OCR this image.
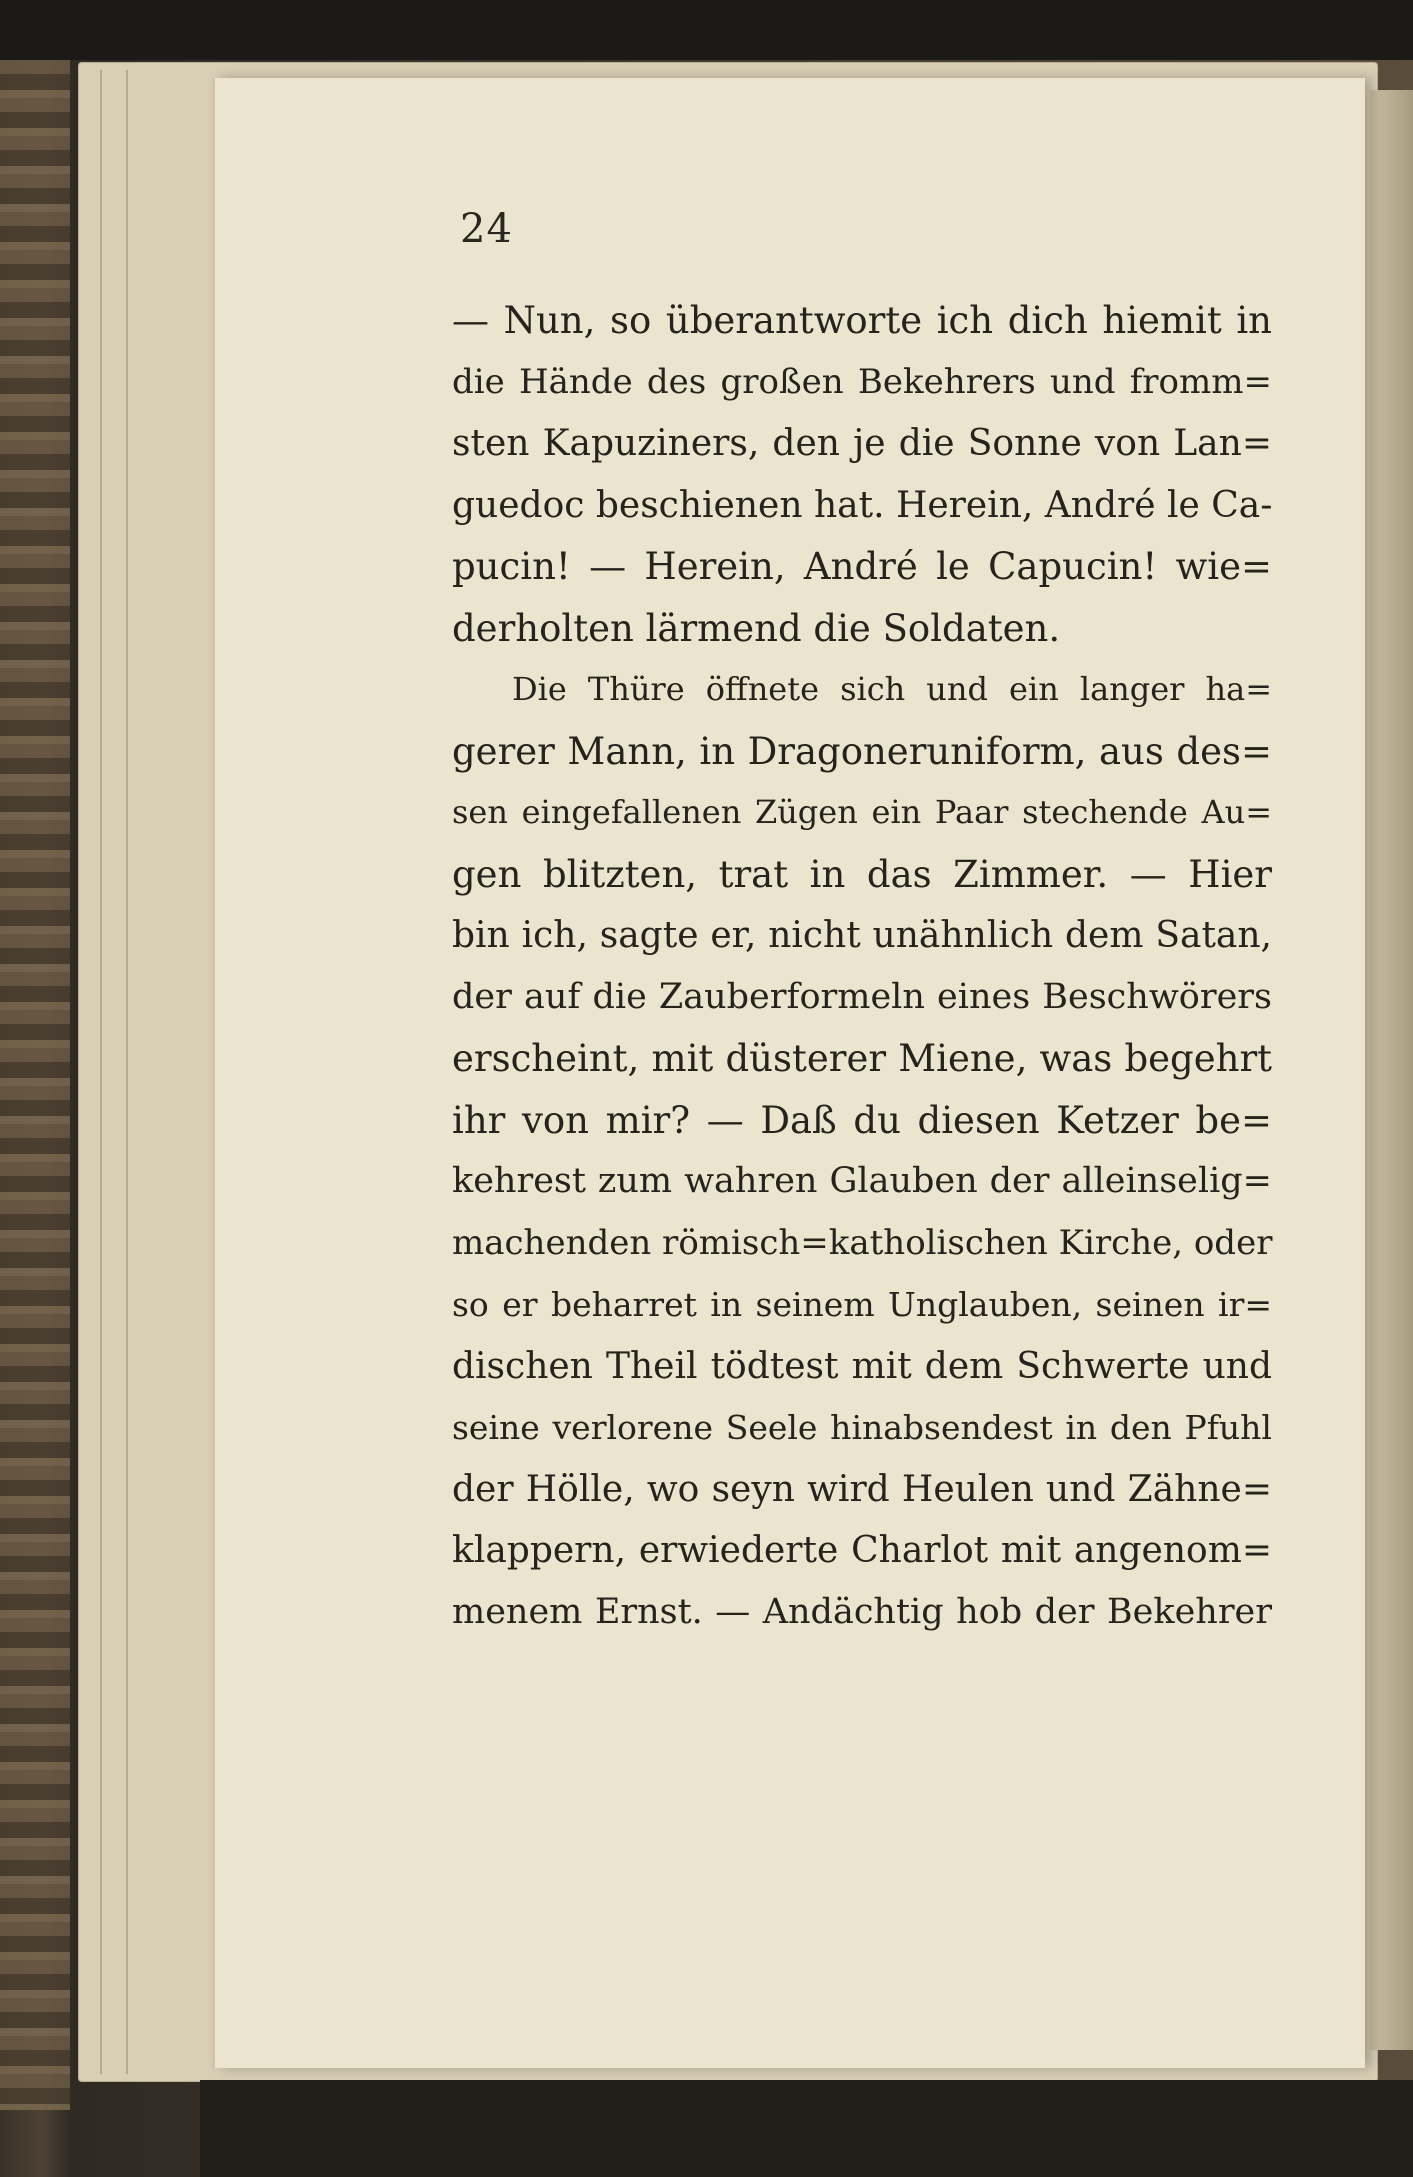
24
— Nun, so überantworte ich dich hiemit in
die Hände des großen Bekehrers und fromm=
sten Kapuziners, den je die Sonne von Lan=
guedoc beschienen hat. Herein, André le Ca-
pucin! — Herein, André le Capucin! wie=
derholten lärmend die Soldaten.
Die Thüre öffnete sich und ein langer ha=
gerer Mann, in Dragoneruniform, aus des=
sen eingefallenen Zügen ein Paar stechende Au=
gen blitzten, trat in das Zimmer. — Hier
bin ich, sagte er, nicht unähnlich dem Satan,
der auf die Zauberformeln eines Beschwörers
erscheint, mit düsterer Miene, was begehrt
ihr von mir? — Daß du diesen Ketzer be=
kehrest zum wahren Glauben der alleinselig=
machenden römisch=katholischen Kirche, oder
so er beharret in seinem Unglauben, seinen ir=
dischen Theil tödtest mit dem Schwerte und
seine verlorene Seele hinabsendest in den Pfuhl
der Hölle, wo seyn wird Heulen und Zähne=
klappern, erwiederte Charlot mit angenom=
menem Ernst. — Andächtig hob der Bekehrer
